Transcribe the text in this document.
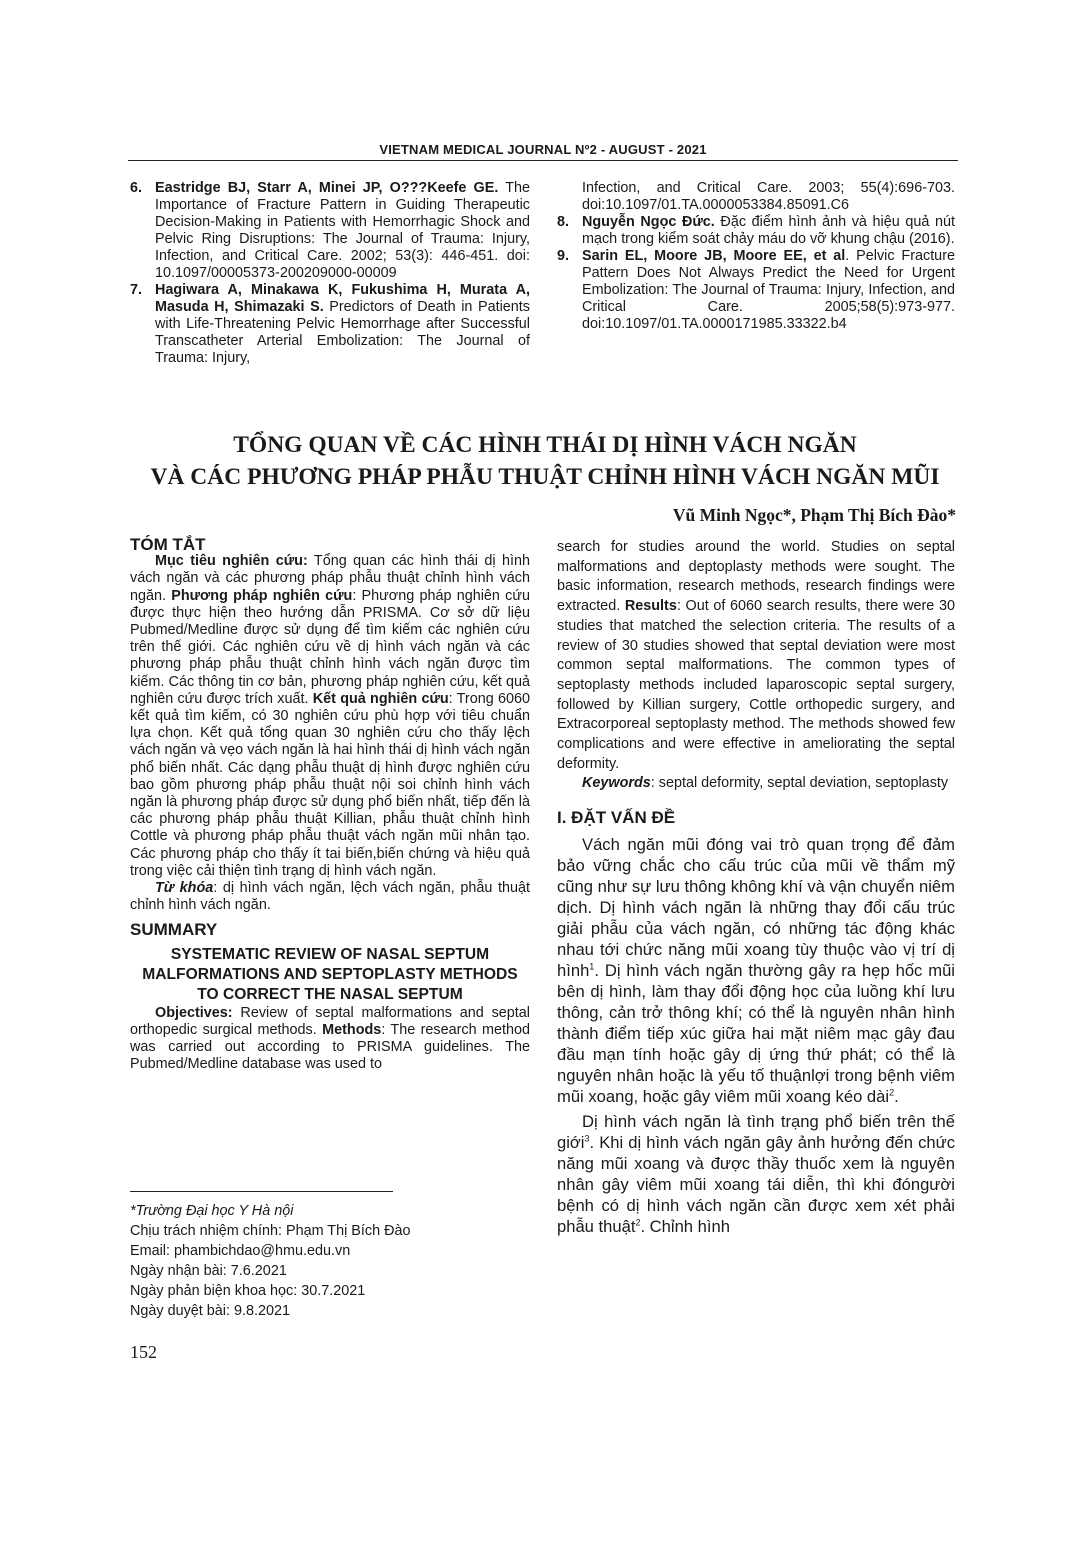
VIETNAM MEDICAL JOURNAL Nº2 - AUGUST - 2021
6. Eastridge BJ, Starr A, Minei JP, O???Keefe GE. The Importance of Fracture Pattern in Guiding Therapeutic Decision-Making in Patients with Hemorrhagic Shock and Pelvic Ring Disruptions: The Journal of Trauma: Injury, Infection, and Critical Care. 2002; 53(3): 446-451. doi: 10.1097/00005373-200209000-00009
7. Hagiwara A, Minakawa K, Fukushima H, Murata A, Masuda H, Shimazaki S. Predictors of Death in Patients with Life-Threatening Pelvic Hemorrhage after Successful Transcatheter Arterial Embolization: The Journal of Trauma: Injury,
Infection, and Critical Care. 2003; 55(4):696-703. doi:10.1097/01.TA.0000053384.85091.C6
8. Nguyễn Ngọc Đức. Đặc điểm hình ảnh và hiệu quả nút mạch trong kiểm soát chảy máu do vỡ khung chậu (2016).
9. Sarin EL, Moore JB, Moore EE, et al. Pelvic Fracture Pattern Does Not Always Predict the Need for Urgent Embolization: The Journal of Trauma: Injury, Infection, and Critical Care. 2005;58(5):973-977. doi:10.1097/01.TA.0000171985.33322.b4
TỔNG QUAN VỀ CÁC HÌNH THÁI DỊ HÌNH VÁCH NGĂN
VÀ CÁC PHƯƠNG PHÁP PHẪU THUẬT CHỈNH HÌNH VÁCH NGĂN MŨI
Vũ Minh Ngọc*, Phạm Thị Bích Đào*
TÓM TẮT

Mục tiêu nghiên cứu: Tổng quan các hình thái dị hình vách ngăn và các phương pháp phẫu thuật chỉnh hình vách ngăn. Phương pháp nghiên cứu: Phương pháp nghiên cứu được thực hiện theo hướng dẫn PRISMA. Cơ sở dữ liệu Pubmed/Medline được sử dụng để tìm kiếm các nghiên cứu trên thế giới. Các nghiên cứu về dị hình vách ngăn và các phương pháp phẫu thuật chỉnh hình vách ngăn được tìm kiếm. Các thông tin cơ bản, phương pháp nghiên cứu, kết quả nghiên cứu được trích xuất. Kết quả nghiên cứu: Trong 6060 kết quả tìm kiếm, có 30 nghiên cứu phù hợp với tiêu chuẩn lựa chọn. Kết quả tổng quan 30 nghiên cứu cho thấy lệch vách ngăn và vẹo vách ngăn là hai hình thái dị hình vách ngăn phổ biến nhất. Các dạng phẫu thuật dị hình được nghiên cứu bao gồm phương pháp phẫu thuật nội soi chỉnh hình vách ngăn là phương pháp được sử dụng phổ biến nhất, tiếp đến là các phương pháp phẫu thuật Killian, phẫu thuật chỉnh hình Cottle và phương pháp phẫu thuật vách ngăn mũi nhân tạo. Các phương pháp cho thấy ít tai biến,biến chứng và hiệu quả trong việc cải thiện tình trạng dị hình vách ngăn.

Từ khóa: dị hình vách ngăn, lệch vách ngăn, phẫu thuật chỉnh hình vách ngăn.

SUMMARY
SYSTEMATIC REVIEW OF NASAL SEPTUM MALFORMATIONS AND SEPTOPLASTY METHODS TO CORRECT THE NASAL SEPTUM

Objectives: Review of septal malformations and septal orthopedic surgical methods. Methods: The research method was carried out according to PRISMA guidelines. The Pubmed/Medline database was used to

*Trường Đại học Y Hà nội
Chịu trách nhiệm chính: Phạm Thị Bích Đào
Email: phambichdao@hmu.edu.vn
Ngày nhận bài: 7.6.2021
Ngày phản biện khoa học: 30.7.2021
Ngày duyệt bài: 9.8.2021
152

search for studies around the world. Studies on septal malformations and deptoplasty methods were sought. The basic information, research methods, research findings were extracted. Results: Out of 6060 search results, there were 30 studies that matched the selection criteria. The results of a review of 30 studies showed that septal deviation were most common septal malformations. The common types of septoplasty methods included laparoscopic septal surgery, followed by Killian surgery, Cottle orthopedic surgery, and Extracorporeal septoplasty method. The methods showed few complications and were effective in ameliorating the septal deformity.

Keywords: septal deformity, septal deviation, septoplasty

I. ĐẶT VẤN ĐỀ

Vách ngăn mũi đóng vai trò quan trọng để đảm bảo vững chắc cho cấu trúc của mũi về thẩm mỹ cũng như sự lưu thông không khí và vận chuyển niêm dịch. Dị hình vách ngăn là những thay đổi cấu trúc giải phẫu của vách ngăn, có những tác động khác nhau tới chức năng mũi xoang tùy thuộc vào vị trí dị hình$^1$. Dị hình vách ngăn thường gây ra hẹp hốc mũi bên dị hình, làm thay đổi động học của luồng khí lưu thông, cản trở thông khí; có thể là nguyên nhân hình thành điểm tiếp xúc giữa hai mặt niêm mạc gây đau đầu mạn tính hoặc gây dị ứng thứ phát; có thể là nguyên nhân hoặc là yếu tố thuậnlợi trong bệnh viêm mũi xoang, hoặc gây viêm mũi xoang kéo dài$^2$.

Dị hình vách ngăn là tình trạng phổ biến trên thế giới$^3$. Khi dị hình vách ngăn gây ảnh hưởng đến chức năng mũi xoang và được thầy thuốc xem là nguyên nhân gây viêm mũi xoang tái diễn, thì khi đóngười bệnh có dị hình vách ngăn cần được xem xét phải phẫu thuật$^2$. Chỉnh hình
